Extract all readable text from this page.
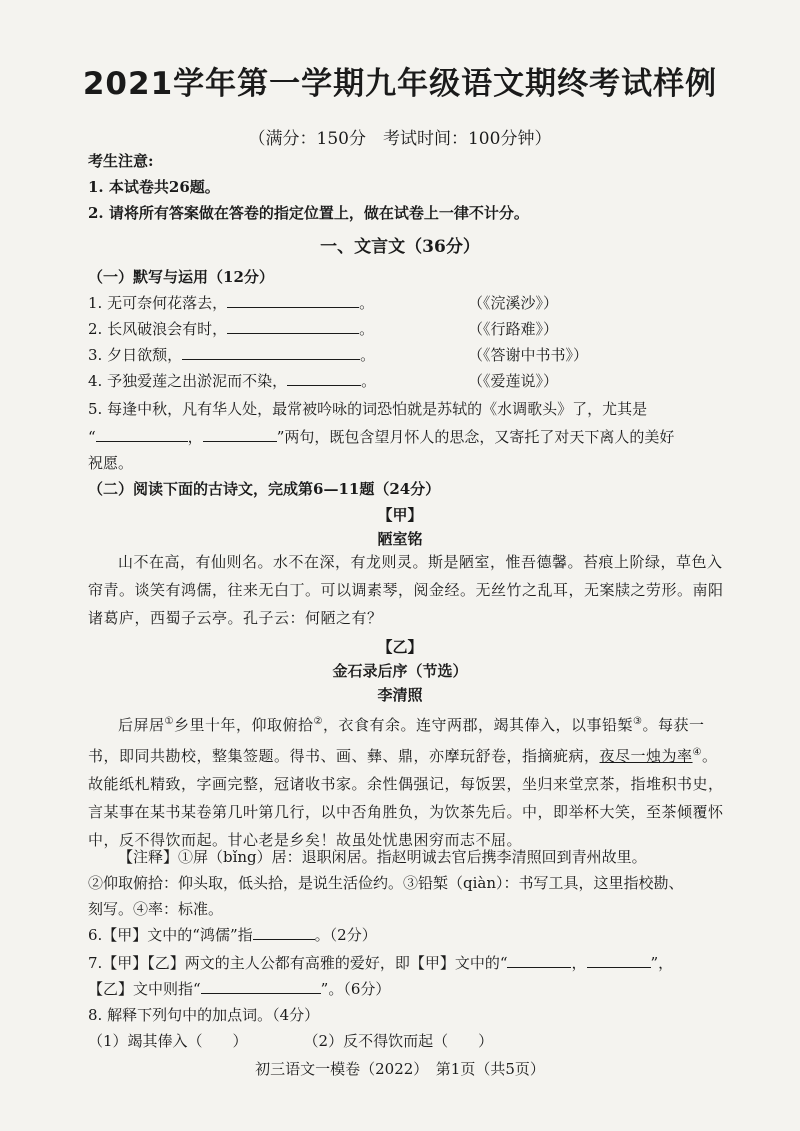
2021学年第一学期九年级语文期终考试样例
（满分：150分　考试时间：100分钟）
考生注意:
1. 本试卷共26题。
2. 请将所有答案做在答卷的指定位置上，做在试卷上一律不计分。
一、文言文（36分）
（一）默写与运用（12分）
1. 无可奈何花落去，	。	（《浣溪沙》）
2. 长风破浪会有时，	。	（《行路难》）
3. 夕日欲颓，	。	（《答谢中书书》）
4. 予独爱莲之出淤泥而不染，	。	（《爱莲说》）
5. 每逢中秋，凡有华人处，最常被吟咏的词恐怕就是苏轼的《水调歌头》了，尤其是
“	，	”两句，既包含望月怀人的思念，又寄托了对天下离人的美好
祝愿。
（二）阅读下面的古诗文，完成第6—11题（24分）
【甲】
陋室铭
山不在高，有仙则名。水不在深，有龙则灵。斯是陋室，惟吾德馨。苔痕上阶绿，草色入帘青。谈笑有鸿儒，往来无白丁。可以调素琴，阅金经。无丝竹之乱耳，无案牍之劳形。南阳诸葛庐，西蜀子云亭。孔子云：何陋之有？
【乙】
金石录后序（节选）
李清照
后屏居①乡里十年，仰取俯拾②，衣食有余。连守两郡，竭其俸入，以事铅椠③。每获一书，即同共勘校，整集签题。得书、画、彝、鼎，亦摩玩舒卷，指摘疵病，夜尽一烛为率④。故能纸札精致，字画完整，冠诸收书家。余性偶强记，每饭罢，坐归来堂烹茶，指堆积书史，言某事在某书某卷第几叶第几行，以中否角胜负，为饮茶先后。中，即举杯大笑，至茶倾覆怀中，反不得饮而起。甘心老是乡矣！故虽处忧患困穷而志不屈。
【注释】①屏（bǐng）居：退职闲居。指赵明诚去官后携李清照回到青州故里。
②仰取俯拾：仰头取，低头拾，是说生活俭约。③铅椠（qiàn）：书写工具，这里指校勘、
刻写。④率：标准。
6.【甲】文中的“鸿儒”指	。（2分）
7.【甲】【乙】两文的主人公都有高雅的爱好，即【甲】文中的“	，	”，
【乙】文中则指“	”。（6分）
8. 解释下列句中的加点词。（4分）
（1）竭其俸入（　　）	（2）反不得饮而起（　　）
初三语文一模卷（2022）　第1页（共5页）
